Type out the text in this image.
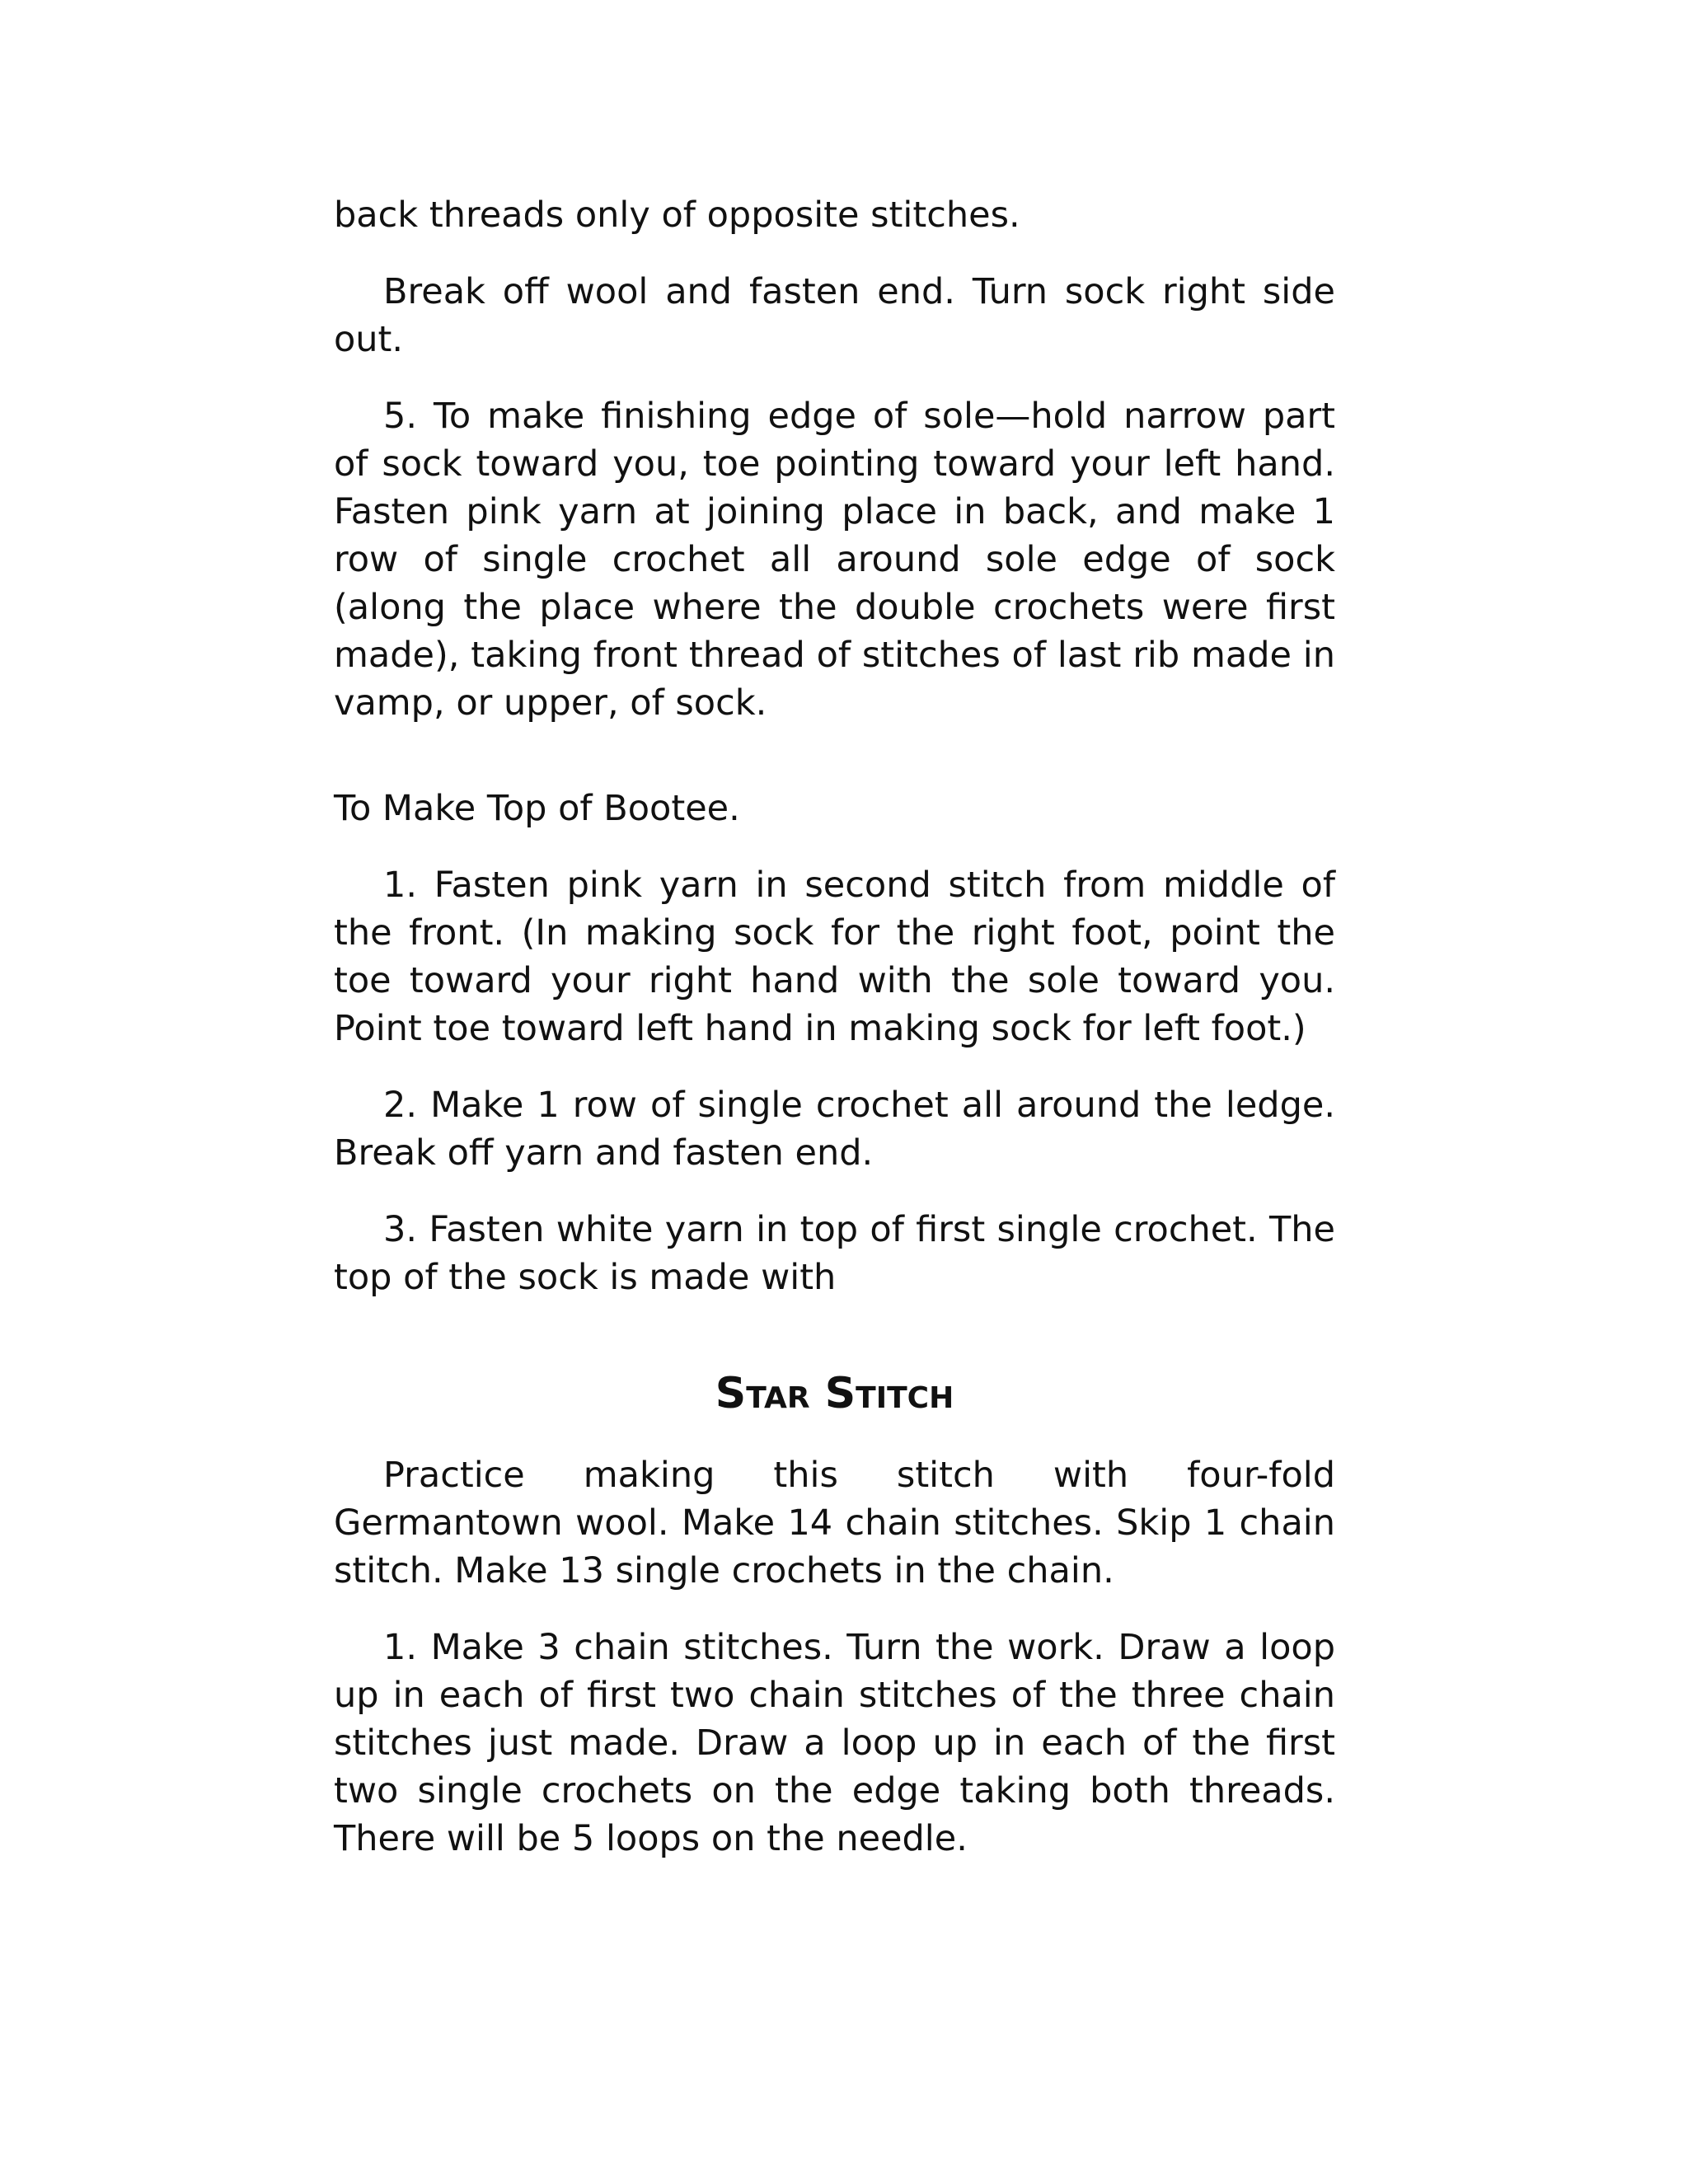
back threads only of opposite stitches.

Break off wool and fasten end. Turn sock right side out.

5. To make finishing edge of sole—hold narrow part of sock toward you, toe pointing toward your left hand. Fasten pink yarn at joining place in back, and make 1 row of single crochet all around sole edge of sock (along the place where the double crochets were first made), taking front thread of stitches of last rib made in vamp, or upper, of sock.

To Make Top of Bootee.

1. Fasten pink yarn in second stitch from middle of the front. (In making sock for the right foot, point the toe toward your right hand with the sole toward you. Point toe toward left hand in making sock for left foot.)

2. Make 1 row of single crochet all around the ledge. Break off yarn and fasten end.

3. Fasten white yarn in top of first single crochet. The top of the sock is made with

Star Stitch

Practice making this stitch with four-fold Germantown wool. Make 14 chain stitches. Skip 1 chain stitch. Make 13 single crochets in the chain.

1. Make 3 chain stitches. Turn the work. Draw a loop up in each of first two chain stitches of the three chain stitches just made. Draw a loop up in each of the first two single crochets on the edge taking both threads. There will be 5 loops on the needle.
